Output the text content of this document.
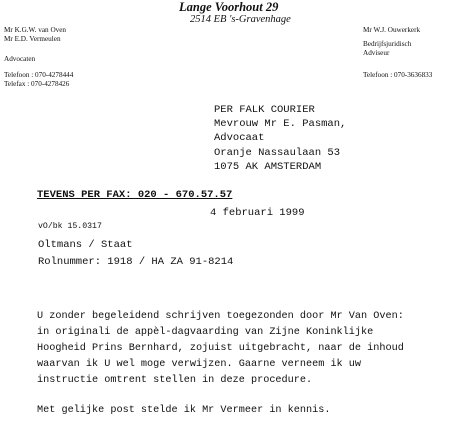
Lange Voorhout 29
2514 EB 's-Gravenhage
Mr K.G.W. van Oven
Mr E.D. Vermeulen
Advocaten
Telefoon : 070-4278444
Telefax : 070-4278426
Mr W.J. Ouwerkerk
Bedrijfsjuridisch
Adviseur
Telefoon : 070-3636833
PER FALK COURIER
Mevrouw Mr E. Pasman,
Advocaat
Oranje Nassaulaan 53
1075 AK AMSTERDAM
TEVENS PER FAX: 020 - 670.57.57
4 februari 1999
vO/bk 15.0317
Oltmans / Staat
Rolnummer: 1918 / HA ZA 91-8214
U zonder begeleidend schrijven toegezonden door Mr Van Oven:
in originali de appèl-dagvaarding van Zijne Koninklijke
Hoogheid Prins Bernhard, zojuist uitgebracht, naar de inhoud
waarvan ik U wel moge verwijzen. Gaarne verneem ik uw
instructie omtrent stellen in deze procedure.
Met gelijke post stelde ik Mr Vermeer in kennis.
